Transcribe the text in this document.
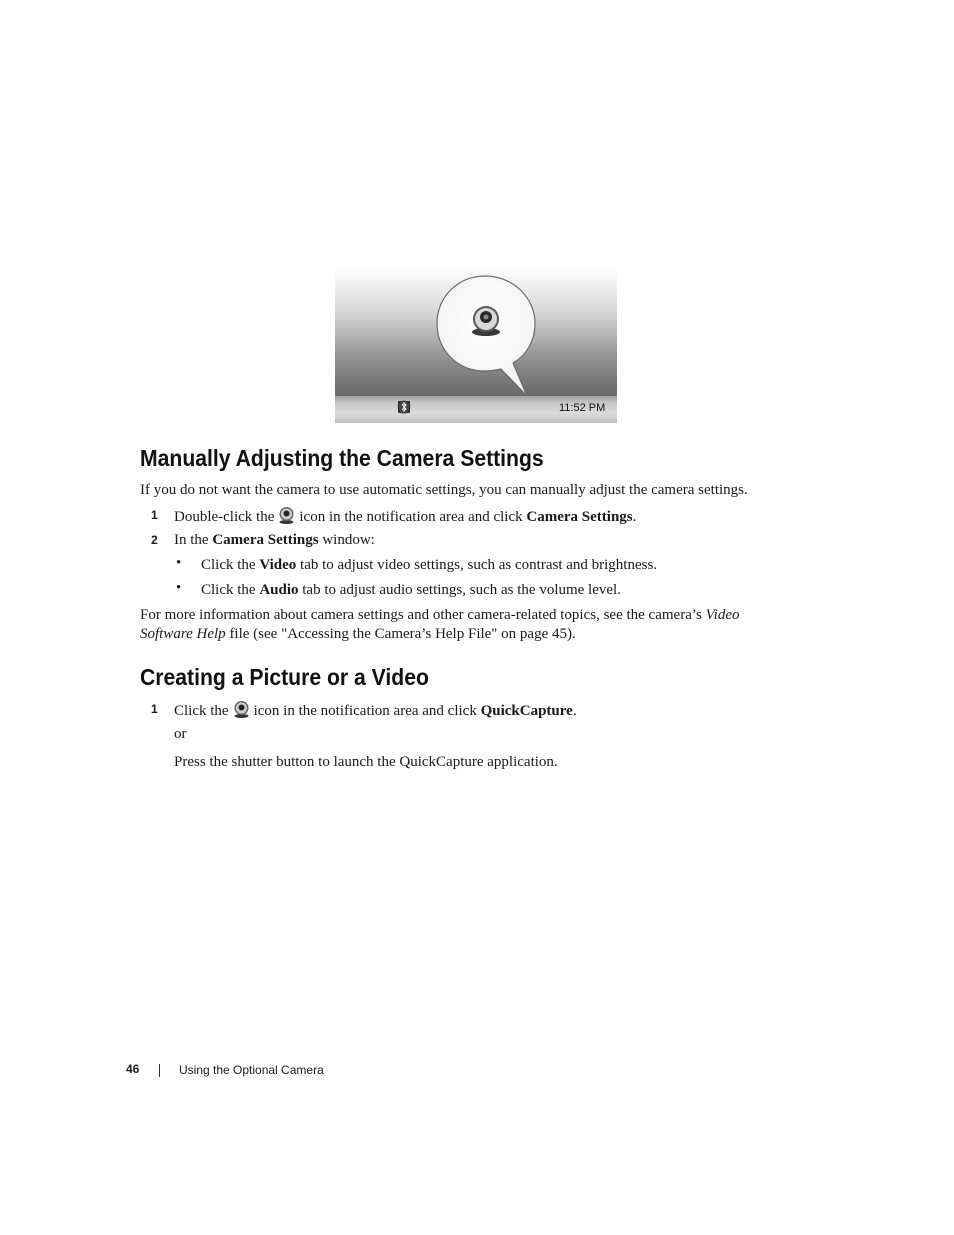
11:52 PM
Manually Adjusting the Camera Settings
If you do not want the camera to use automatic settings, you can manually adjust the camera settings.
1 Double-click the icon in the notification area and click Camera Settings.
2 In the Camera Settings window:
• Click the Video tab to adjust video settings, such as contrast and brightness.
• Click the Audio tab to adjust audio settings, such as the volume level.
For more information about camera settings and other camera-related topics, see the camera’s Video
Software Help file (see "Accessing the Camera’s Help File" on page 45).
Creating a Picture or a Video
1 Click the icon in the notification area and click QuickCapture.
or
Press the shutter button to launch the QuickCapture application.
46	Using the Optional Camera
